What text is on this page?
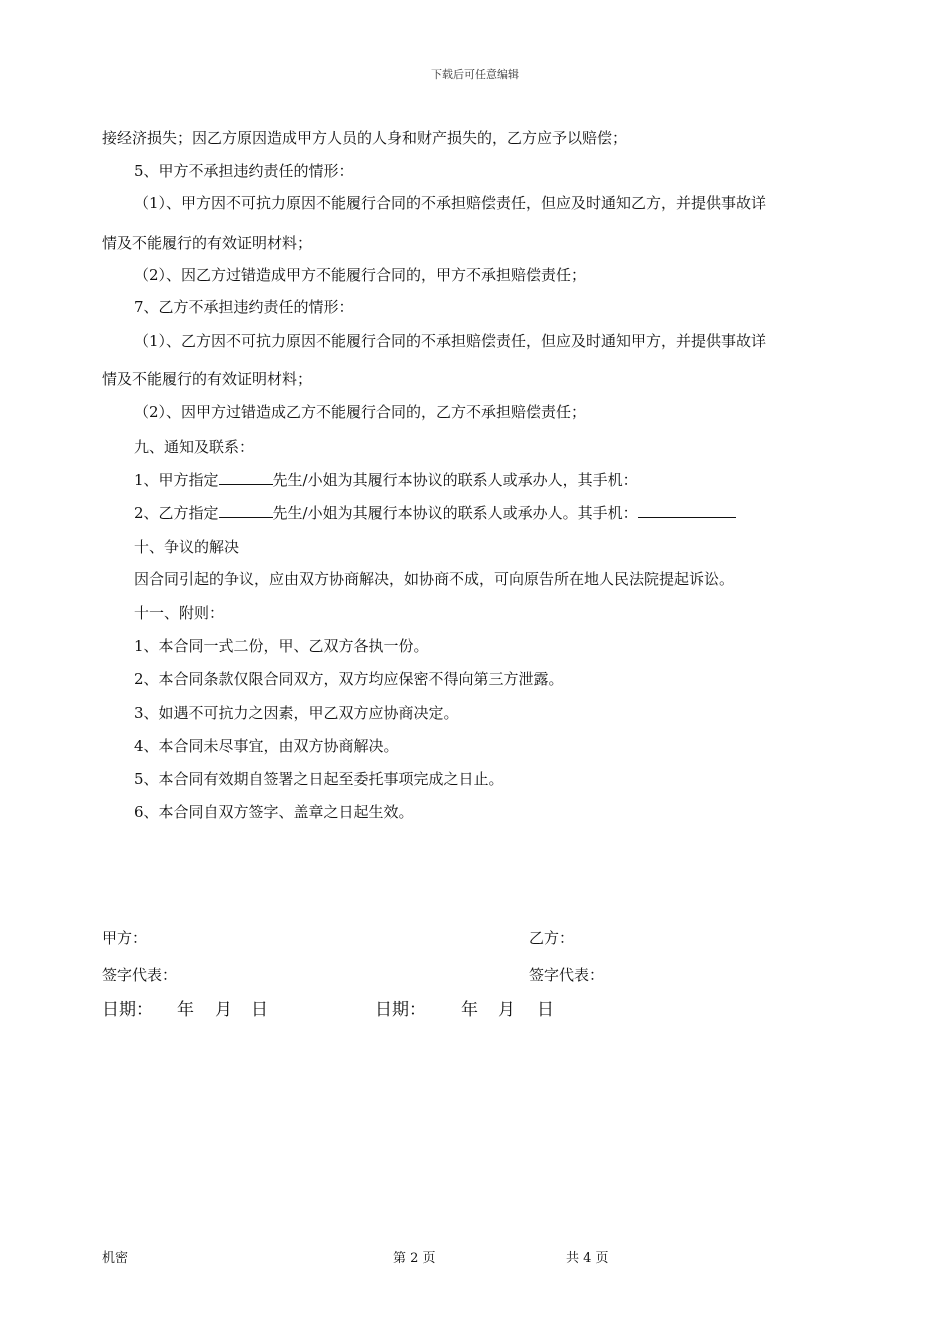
下载后可任意编辑
接经济损失；因乙方原因造成甲方人员的人身和财产损失的，乙方应予以赔偿；
5、甲方不承担违约责任的情形：
（1）、甲方因不可抗力原因不能履行合同的不承担赔偿责任，但应及时通知乙方，并提供事故详
情及不能履行的有效证明材料；
（2）、因乙方过错造成甲方不能履行合同的，甲方不承担赔偿责任；
7、乙方不承担违约责任的情形：
（1）、乙方因不可抗力原因不能履行合同的不承担赔偿责任，但应及时通知甲方，并提供事故详
情及不能履行的有效证明材料；
（2）、因甲方过错造成乙方不能履行合同的，乙方不承担赔偿责任；
九、通知及联系：
1、甲方指定	先生/小姐为其履行本协议的联系人或承办人，其手机：
2、乙方指定	先生/小姐为其履行本协议的联系人或承办人。其手机：
十、争议的解决
因合同引起的争议，应由双方协商解决，如协商不成，可向原告所在地人民法院提起诉讼。
十一、附则：
1、本合同一式二份，甲、乙双方各执一份。
2、本合同条款仅限合同双方，双方均应保密不得向第三方泄露。
3、如遇不可抗力之因素，甲乙双方应协商决定。
4、本合同未尽事宜，由双方协商解决。
5、本合同有效期自签署之日起至委托事项完成之日止。
6、本合同自双方签字、盖章之日起生效。
甲方：	乙方：
签字代表：	签字代表：
日期： 年 月 日	日期： 年 月 日
机密	第 2 页	共 4 页
